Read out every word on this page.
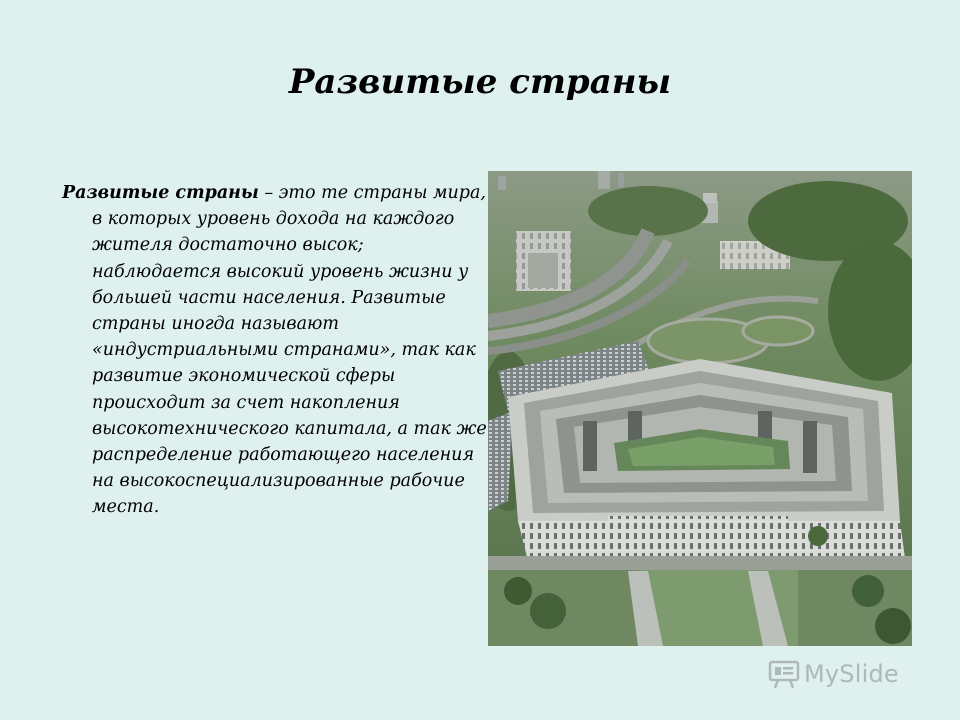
Развитые страны

Развитые страны – это те страны мира, в которых уровень дохода на каждого жителя достаточно высок; наблюдается высокий уровень жизни у большей части населения. Развитые страны иногда называют «индустриальными странами», так как развитие экономической сферы происходит за счет накопления высокотехнического капитала, а так же распределение работающего населения на высокоспециализированные рабочие места.

MySlide
